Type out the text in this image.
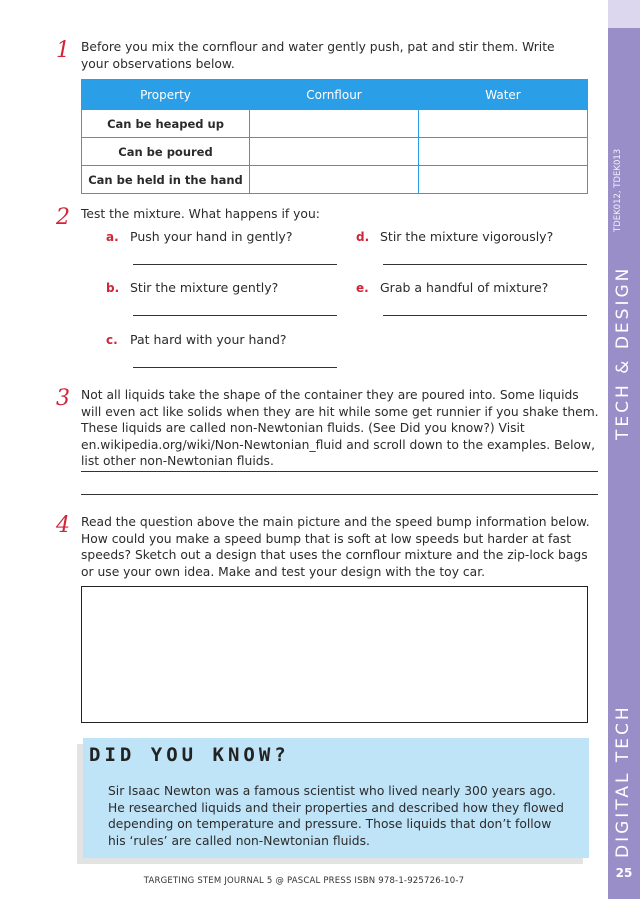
1 Before you mix the cornflour and water gently push, pat and stir them. Write your observations below.
Property	Cornflour	Water
Can be heaped up		
Can be poured		
Can be held in the hand		
2 Test the mixture. What happens if you:
a. Push your hand in gently?
b. Stir the mixture gently?
c. Pat hard with your hand?
d. Stir the mixture vigorously?
e. Grab a handful of mixture?
3 Not all liquids take the shape of the container they are poured into. Some liquids will even act like solids when they are hit while some get runnier if you shake them. These liquids are called non-Newtonian fluids. (See Did you know?) Visit en.wikipedia.org/wiki/Non-Newtonian_fluid and scroll down to the examples. Below, list other non-Newtonian fluids.
4 Read the question above the main picture and the speed bump information below. How could you make a speed bump that is soft at low speeds but harder at fast speeds? Sketch out a design that uses the cornflour mixture and the zip-lock bags or use your own idea. Make and test your design with the toy car.
DID YOU KNOW?
Sir Isaac Newton was a famous scientist who lived nearly 300 years ago. He researched liquids and their properties and described how they flowed depending on temperature and pressure. Those liquids that don’t follow his ‘rules’ are called non-Newtonian fluids.
TDEK012, TDEK013
TECH & DESIGN
DIGITAL TECH
25
TARGETING STEM JOURNAL 5 @ PASCAL PRESS ISBN 978-1-925726-10-7
